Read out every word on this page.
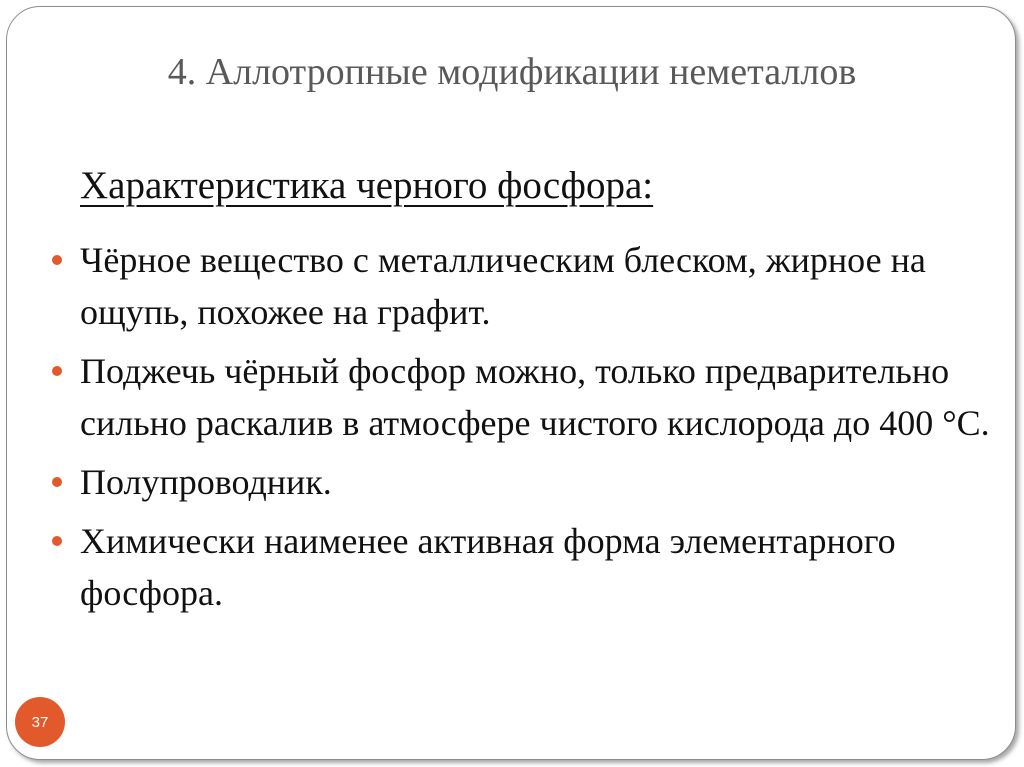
4. Аллотропные модификации неметаллов
Характеристика черного фосфора:
Чёрное вещество с металлическим блеском, жирное на ощупь, похожее на графит.
Поджечь чёрный фосфор можно, только предварительно сильно раскалив в атмосфере чистого кислорода до 400 °C.
Полупроводник.
Химически наименее активная форма элементарного фосфора.
37
